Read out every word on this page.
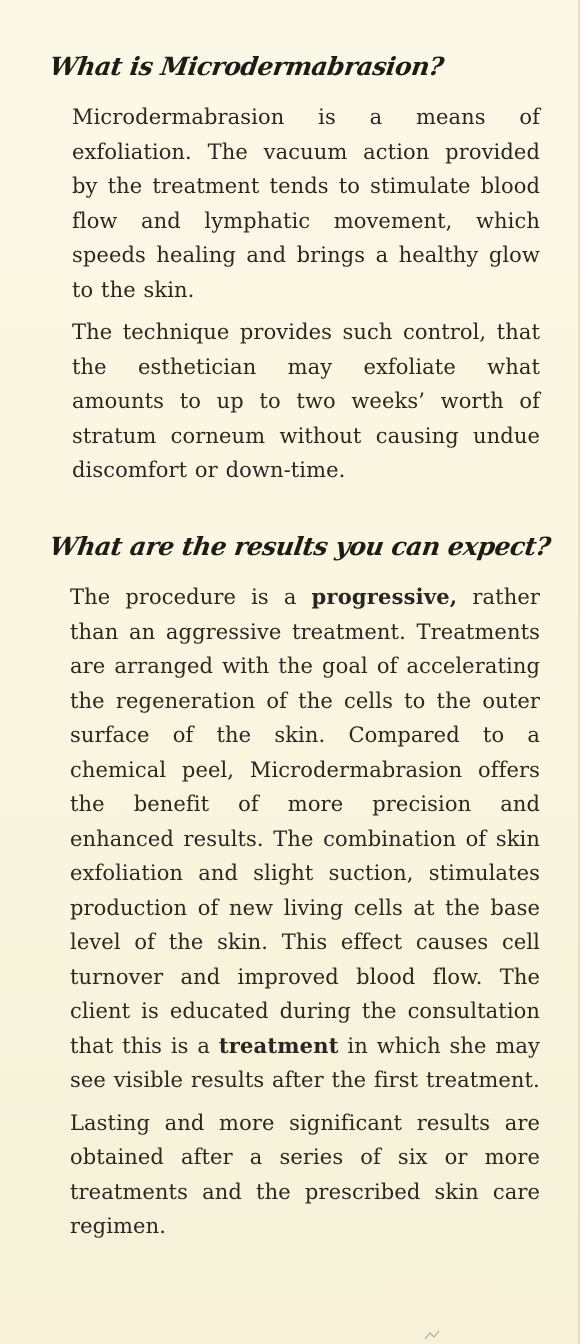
What is Microdermabrasion?

Microdermabrasion is a means of exfoliation. The vacuum action provided by the treatment tends to stimulate blood flow and lymphatic movement, which speeds healing and brings a healthy glow to the skin.

The technique provides such control, that the esthetician may exfoliate what amounts to up to two weeks’ worth of stratum corneum without causing undue discomfort or down-time.

What are the results you can expect?

The procedure is a progressive, rather than an aggressive treatment. Treatments are arranged with the goal of accelerating the regeneration of the cells to the outer surface of the skin. Compared to a chemical peel, Microdermabrasion offers the benefit of more precision and enhanced results. The combination of skin exfoliation and slight suction, stimulates production of new living cells at the base level of the skin. This effect causes cell turnover and improved blood flow. The client is educated during the consultation that this is a treatment in which she may see visible results after the first treatment.

Lasting and more significant results are obtained after a series of six or more treatments and the prescribed skin care regimen.
